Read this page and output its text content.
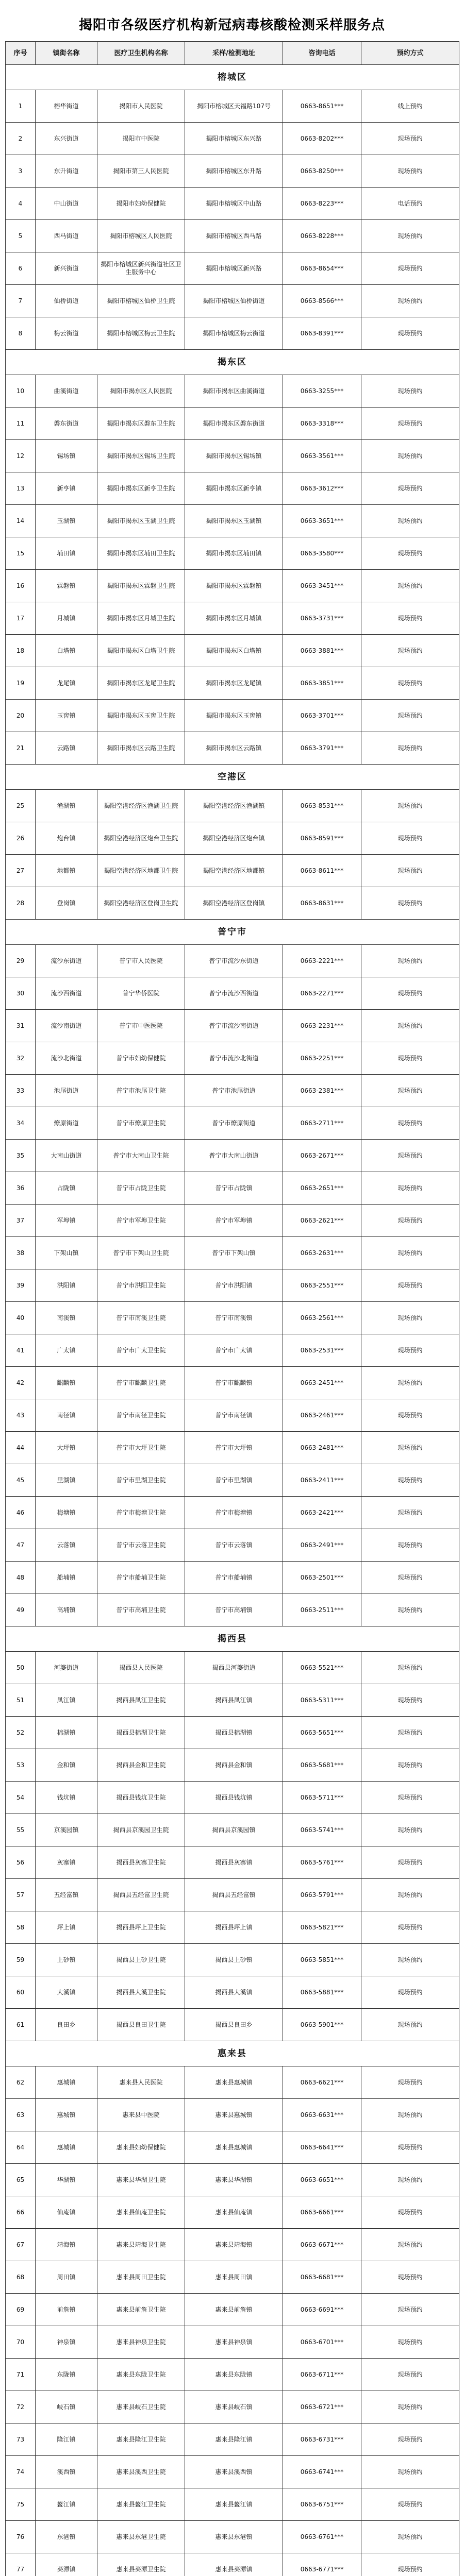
揭阳市各级医疗机构新冠病毒核酸检测采样服务点
序号	镇街名称	医疗卫生机构名称	采样/检测地址	咨询电话	预约方式
榕城区					
1	榕华街道	揭阳市人民医院	揭阳市榕城区天福路107号	0663-8651***	线上预约
2	东兴街道	揭阳市中医院	揭阳市榕城区东兴路	0663-8202***	现场预约
3	东升街道	揭阳市第三人民医院	揭阳市榕城区东升路	0663-8250***	现场预约
4	中山街道	揭阳市妇幼保健院	揭阳市榕城区中山路	0663-8223***	电话预约
5	西马街道	揭阳市榕城区人民医院	揭阳市榕城区西马路	0663-8228***	现场预约
6	新兴街道	揭阳市榕城区新兴街道社区卫生服务中心	揭阳市榕城区新兴路	0663-8654***	现场预约
7	仙桥街道	揭阳市榕城区仙桥卫生院	揭阳市榕城区仙桥街道	0663-8566***	现场预约
8	梅云街道	揭阳市榕城区梅云卫生院	揭阳市榕城区梅云街道	0663-8391***	现场预约
揭东区					
10	曲溪街道	揭阳市揭东区人民医院	揭阳市揭东区曲溪街道	0663-3255***	现场预约
11	磐东街道	揭阳市揭东区磐东卫生院	揭阳市揭东区磐东街道	0663-3318***	现场预约
12	锡场镇	揭阳市揭东区锡场卫生院	揭阳市揭东区锡场镇	0663-3561***	现场预约
13	新亨镇	揭阳市揭东区新亨卫生院	揭阳市揭东区新亨镇	0663-3612***	现场预约
14	玉湖镇	揭阳市揭东区玉湖卫生院	揭阳市揭东区玉湖镇	0663-3651***	现场预约
15	埔田镇	揭阳市揭东区埔田卫生院	揭阳市揭东区埔田镇	0663-3580***	现场预约
16	霖磐镇	揭阳市揭东区霖磐卫生院	揭阳市揭东区霖磐镇	0663-3451***	现场预约
17	月城镇	揭阳市揭东区月城卫生院	揭阳市揭东区月城镇	0663-3731***	现场预约
18	白塔镇	揭阳市揭东区白塔卫生院	揭阳市揭东区白塔镇	0663-3881***	现场预约
19	龙尾镇	揭阳市揭东区龙尾卫生院	揭阳市揭东区龙尾镇	0663-3851***	现场预约
20	玉窖镇	揭阳市揭东区玉窖卫生院	揭阳市揭东区玉窖镇	0663-3701***	现场预约
21	云路镇	揭阳市揭东区云路卫生院	揭阳市揭东区云路镇	0663-3791***	现场预约
空港区					
25	渔湖镇	揭阳空港经济区渔湖卫生院	揭阳空港经济区渔湖镇	0663-8531***	现场预约
26	炮台镇	揭阳空港经济区炮台卫生院	揭阳空港经济区炮台镇	0663-8591***	现场预约
27	地都镇	揭阳空港经济区地都卫生院	揭阳空港经济区地都镇	0663-8611***	现场预约
28	登岗镇	揭阳空港经济区登岗卫生院	揭阳空港经济区登岗镇	0663-8631***	现场预约
普宁市					
29	流沙东街道	普宁市人民医院	普宁市流沙东街道	0663-2221***	现场预约
30	流沙西街道	普宁华侨医院	普宁市流沙西街道	0663-2271***	现场预约
31	流沙南街道	普宁市中医医院	普宁市流沙南街道	0663-2231***	现场预约
32	流沙北街道	普宁市妇幼保健院	普宁市流沙北街道	0663-2251***	现场预约
33	池尾街道	普宁市池尾卫生院	普宁市池尾街道	0663-2381***	现场预约
34	燎原街道	普宁市燎原卫生院	普宁市燎原街道	0663-2711***	现场预约
35	大南山街道	普宁市大南山卫生院	普宁市大南山街道	0663-2671***	现场预约
36	占陇镇	普宁市占陇卫生院	普宁市占陇镇	0663-2651***	现场预约
37	军埠镇	普宁市军埠卫生院	普宁市军埠镇	0663-2621***	现场预约
38	下架山镇	普宁市下架山卫生院	普宁市下架山镇	0663-2631***	现场预约
39	洪阳镇	普宁市洪阳卫生院	普宁市洪阳镇	0663-2551***	现场预约
40	南溪镇	普宁市南溪卫生院	普宁市南溪镇	0663-2561***	现场预约
41	广太镇	普宁市广太卫生院	普宁市广太镇	0663-2531***	现场预约
42	麒麟镇	普宁市麒麟卫生院	普宁市麒麟镇	0663-2451***	现场预约
43	南径镇	普宁市南径卫生院	普宁市南径镇	0663-2461***	现场预约
44	大坪镇	普宁市大坪卫生院	普宁市大坪镇	0663-2481***	现场预约
45	里湖镇	普宁市里湖卫生院	普宁市里湖镇	0663-2411***	现场预约
46	梅塘镇	普宁市梅塘卫生院	普宁市梅塘镇	0663-2421***	现场预约
47	云落镇	普宁市云落卫生院	普宁市云落镇	0663-2491***	现场预约
48	船埔镇	普宁市船埔卫生院	普宁市船埔镇	0663-2501***	现场预约
49	高埔镇	普宁市高埔卫生院	普宁市高埔镇	0663-2511***	现场预约
揭西县					
50	河婆街道	揭西县人民医院	揭西县河婆街道	0663-5521***	现场预约
51	凤江镇	揭西县凤江卫生院	揭西县凤江镇	0663-5311***	现场预约
52	棉湖镇	揭西县棉湖卫生院	揭西县棉湖镇	0663-5651***	现场预约
53	金和镇	揭西县金和卫生院	揭西县金和镇	0663-5681***	现场预约
54	钱坑镇	揭西县钱坑卫生院	揭西县钱坑镇	0663-5711***	现场预约
55	京溪园镇	揭西县京溪园卫生院	揭西县京溪园镇	0663-5741***	现场预约
56	灰寨镇	揭西县灰寨卫生院	揭西县灰寨镇	0663-5761***	现场预约
57	五经富镇	揭西县五经富卫生院	揭西县五经富镇	0663-5791***	现场预约
58	坪上镇	揭西县坪上卫生院	揭西县坪上镇	0663-5821***	现场预约
59	上砂镇	揭西县上砂卫生院	揭西县上砂镇	0663-5851***	现场预约
60	大溪镇	揭西县大溪卫生院	揭西县大溪镇	0663-5881***	现场预约
61	良田乡	揭西县良田卫生院	揭西县良田乡	0663-5901***	现场预约
惠来县					
62	惠城镇	惠来县人民医院	惠来县惠城镇	0663-6621***	现场预约
63	惠城镇	惠来县中医院	惠来县惠城镇	0663-6631***	现场预约
64	惠城镇	惠来县妇幼保健院	惠来县惠城镇	0663-6641***	现场预约
65	华湖镇	惠来县华湖卫生院	惠来县华湖镇	0663-6651***	现场预约
66	仙庵镇	惠来县仙庵卫生院	惠来县仙庵镇	0663-6661***	现场预约
67	靖海镇	惠来县靖海卫生院	惠来县靖海镇	0663-6671***	现场预约
68	周田镇	惠来县周田卫生院	惠来县周田镇	0663-6681***	现场预约
69	前詹镇	惠来县前詹卫生院	惠来县前詹镇	0663-6691***	现场预约
70	神泉镇	惠来县神泉卫生院	惠来县神泉镇	0663-6701***	现场预约
71	东陇镇	惠来县东陇卫生院	惠来县东陇镇	0663-6711***	现场预约
72	岐石镇	惠来县岐石卫生院	惠来县岐石镇	0663-6721***	现场预约
73	隆江镇	惠来县隆江卫生院	惠来县隆江镇	0663-6731***	现场预约
74	溪西镇	惠来县溪西卫生院	惠来县溪西镇	0663-6741***	现场预约
75	鳌江镇	惠来县鳌江卫生院	惠来县鳌江镇	0663-6751***	现场预约
76	东港镇	惠来县东港卫生院	惠来县东港镇	0663-6761***	现场预约
77	葵潭镇	惠来县葵潭卫生院	惠来县葵潭镇	0663-6771***	现场预约
